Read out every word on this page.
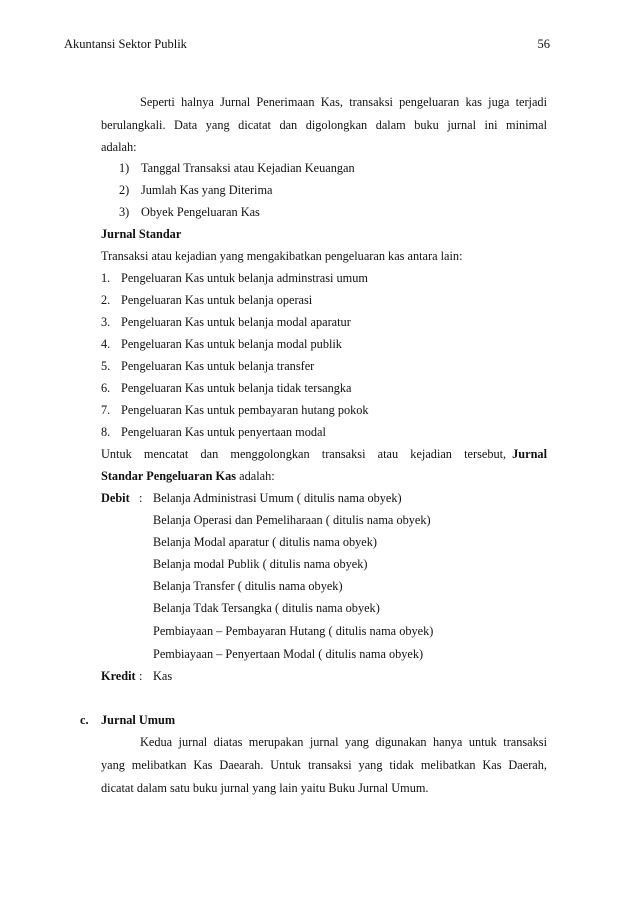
Akuntansi Sektor Publik	56
Seperti halnya Jurnal Penerimaan Kas, transaksi pengeluaran kas juga terjadi
berulangkali. Data yang dicatat dan digolongkan dalam buku jurnal ini minimal
adalah:
1) Tanggal Transaksi atau Kejadian Keuangan
2) Jumlah Kas yang Diterima
3) Obyek Pengeluaran Kas
Jurnal Standar
Transaksi atau kejadian yang mengakibatkan pengeluaran kas antara lain:
1. Pengeluaran Kas untuk belanja adminstrasi umum
2. Pengeluaran Kas untuk belanja operasi
3. Pengeluaran Kas untuk belanja modal aparatur
4. Pengeluaran Kas untuk belanja modal publik
5. Pengeluaran Kas untuk belanja transfer
6. Pengeluaran Kas untuk belanja tidak tersangka
7. Pengeluaran Kas untuk pembayaran hutang pokok
8. Pengeluaran Kas untuk penyertaan modal
Untuk mencatat dan menggolongkan transaksi atau kejadian tersebut, Jurnal
Standar Pengeluaran Kas adalah:
Debit : Belanja Administrasi Umum ( ditulis nama obyek)
Belanja Operasi dan Pemeliharaan ( ditulis nama obyek)
Belanja Modal aparatur ( ditulis nama obyek)
Belanja modal Publik ( ditulis nama obyek)
Belanja Transfer ( ditulis nama obyek)
Belanja Tdak Tersangka ( ditulis nama obyek)
Pembiayaan – Pembayaran Hutang ( ditulis nama obyek)
Pembiayaan – Penyertaan Modal ( ditulis nama obyek)
Kredit : Kas
c. Jurnal Umum
Kedua jurnal diatas merupakan jurnal yang digunakan hanya untuk transaksi
yang melibatkan Kas Daearah. Untuk transaksi yang tidak melibatkan Kas Daerah,
dicatat dalam satu buku jurnal yang lain yaitu Buku Jurnal Umum.
